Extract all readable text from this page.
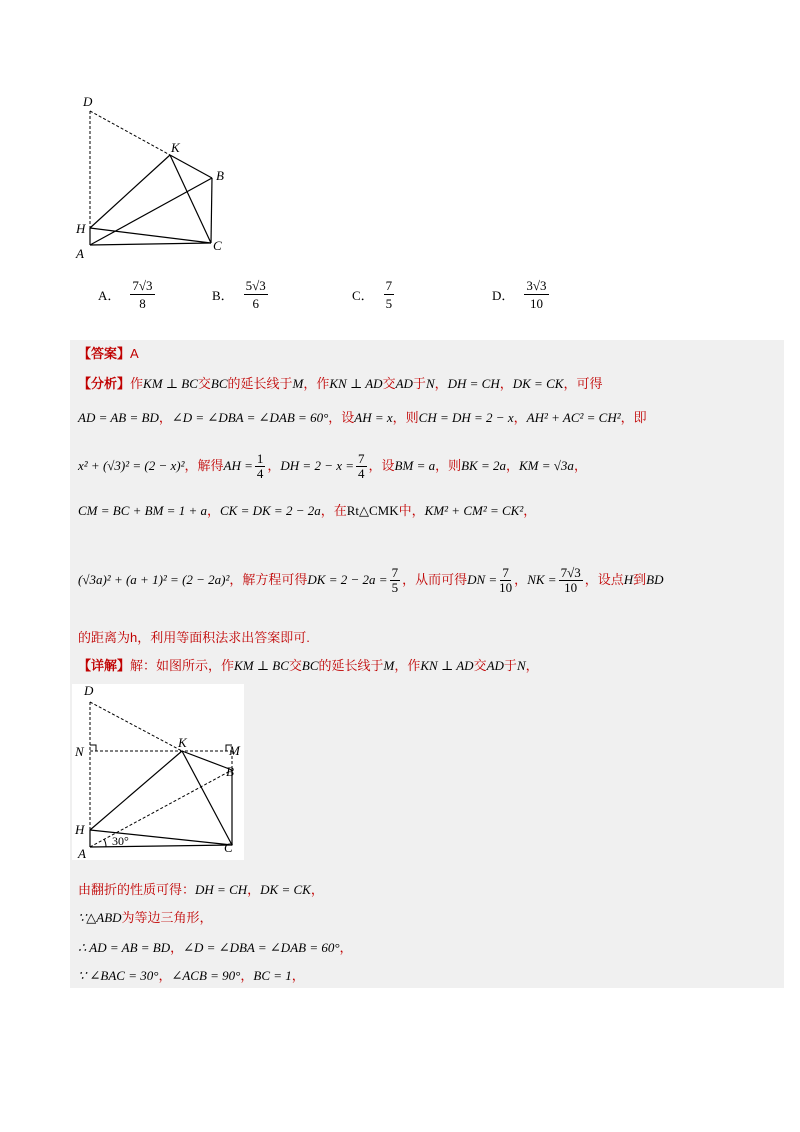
D
K
B
H
A
C
A． $\frac{7√3}{8}$	B． $\frac{5√3}{6}$	C． $\frac{7}{5}$	D． $\frac{3√3}{10}$
【答案】A
【分析】作KM ⊥ BC交BC的延长线于M，作KN ⊥ AD交AD于N，DH = CH，DK = CK，可得
AD = AB = BD，∠D = ∠DBA = ∠DAB = 60°，设AH = x，则CH = DH = 2 − x，AH² + AC² = CH²，即
x² + (√3)² = (2 − x)²，解得AH = $\frac{1}{4}$ ，DH = $2 - x = \frac{7}{4}$ ，设BM = a，则BK = 2a，KM = √3a，
CM = BC + BM = 1 + a，CK = DK = 2 − 2a，在Rt△CMK中，KM² + CM² = CK²，
(√3a)² + (a + 1)² = (2 − 2a)²，解方程可得DK = $2 - 2a = \frac{7}{5}$ ，从而可得DN = $\frac{7}{10}$ ，NK = $\frac{7√3}{10}$ ，设点H到BD
的距离为h，利用等面积法求出答案即可.
【详解】解：如图所示，作KM ⊥ BC交BC的延长线于M，作KN ⊥ AD交AD于N，
D
N
K
M
B
H
A	C
30°
由翻折的性质可得：DH = CH，DK = CK，
∵△ABD为等边三角形，
∴ AD = AB = BD，∠D = ∠DBA = ∠DAB = 60°，
∵ ∠BAC = 30°，∠ACB = 90°，BC = 1，
